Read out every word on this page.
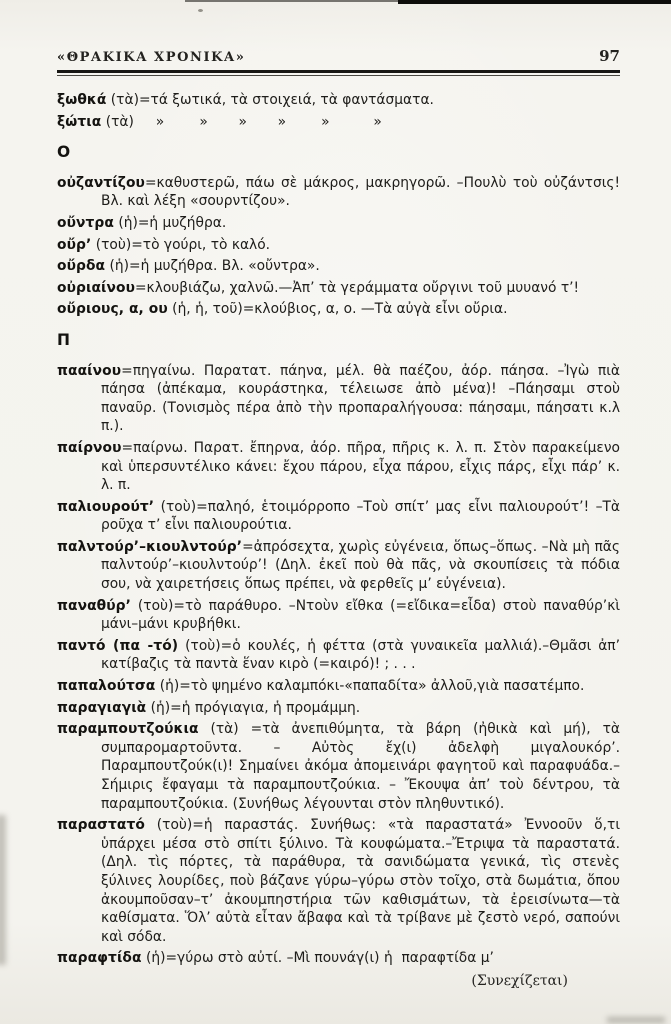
«ΘΡΑΚΙΚΑ ΧΡΟΝΙΚΑ»	97

ξωθκά (τὰ)=τά ξωτικά, τὰ στοιχειά, τὰ φαντάσματα.

ξώτια (τὰ)     »        »       »       »        »          »

Ο

οὐζαντίζου=καθυστερῶ, πάω σὲ μάκρος, μακρηγορῶ. –Πουλὺ τοὺ οὐζάντσις! Βλ. καὶ λέξη «σουρντίζου».

οὔντρα (ἡ)=ἡ μυζήθρα.

οὔρ’ (τοὺ)=τὸ γούρι, τὸ καλό.

οὔρδα (ἡ)=ἡ μυζήθρα. Βλ. «οὔντρα».

οὐριαίνου=κλουβιάζω, χαλνῶ.—Ἀπ’ τὰ γεράμματα οὔργινι τοῦ μυυανό τ’!

οὔριους, α, ου (ἡ, ἡ, τοῦ)=κλούβιος, α, ο. —Τὰ αὐγὰ εἶνι οὔρια.

Π

πααίνου=πηγαίνω. Παρατατ. πάηνα, μέλ. θὰ παέζου, ἀόρ. πάησα. –Ἰγὼ πιὰ πάησα (ἀπέκαμα, κουράστηκα, τέλειωσε ἀπὸ μένα)! –Πάησαμι στοὺ παναῦρ. (Τονισμὸς πέρα ἀπὸ τὴν προπαραλήγουσα: πάησαμι, πάησατι κ.λ π.).

παίρνου=παίρνω. Παρατ. ἔπηρνα, ἀόρ. πῆρα, πῆρις κ. λ. π. Στὸν παρακείμενο καὶ ὑπερσυντέλικο κάνει: ἔχου πάρου, εἶχα πάρου, εἶχις πάρς, εἶχι πάρ’ κ. λ. π.

παλιουρούτ’ (τοὺ)=παληό, ἑτοιμόρροπο –Τοὺ σπίτ’ μας εἶνι παλιουρούτ’! –Τὰ ροῦχα τ’ εἶνι παλιουρούτια.

παλντούρ’–κιουλντούρ’=ἀπρόσεχτα, χωρὶς εὐγένεια, ὅπως–ὅπως. –Νὰ μὴ πᾶς παλντούρ’–κιουλντούρ’! (Δηλ. ἐκεῖ ποὺ θὰ πᾶς, νὰ σκουπίσεις τὰ πόδια σου, νὰ χαιρετήσεις ὅπως πρέπει, νὰ φερθεῖς μ’ εὐγένεια).

παναθύρ’ (τοὺ)=τὸ παράθυρο. –Ντοὺν εἴθκα (=εἴδικα=εἶδα) στοὺ παναθύρ’κὶ μάνι–μάνι κρυβήθκι.

παντό (πα -τό) (τοὺ)=ὁ κουλές, ἡ φέττα (στὰ γυναικεῖα μαλλιά).–Θμᾶσι ἀπ’ κατίβαζις τὰ παντὰ ἕναν κιρὸ (=καιρό)! ; . . .

παπαλούτσα (ἡ)=τὸ ψημένο καλαμπόκι-«παπαδίτα» ἀλλοῦ,γιὰ πασατέμπο.

παραγιαγιὰ (ἡ)=ἡ πρόγιαγια, ἡ προμάμμη.

παραμπουτζούκια (τὰ) =τὰ ἀνεπιθύμητα, τὰ βάρη (ἠθικὰ καὶ μή), τὰ συμπαρομαρτοῦντα. – Αὐτὸς ἔχ(ι) ἀδελφὴ μιγαλουκόρ’. Παραμπουτζούκ(ι)! Σημαίνει ἀκόμα ἀπομεινάρι φαγητοῦ καὶ παραφυάδα.– Σήμιρις ἔφαγαμι τὰ παραμπουτζούκια. – Ἔκουψα ἀπ’ τοὺ δέντρου, τὰ παραμπουτζούκια. (Συνήθως λέγουνται στὸν πληθυντικό).

παραστατό (τοὺ)=ἡ παραστάς. Συνήθως: «τὰ παραστατά» Ἐννοοῦν ὅ,τι ὑπάρχει μέσα στὸ σπίτι ξύλινο. Τὰ κουφώματα.–Ἔτριψα τὰ παραστατά. (Δηλ. τὶς πόρτες, τὰ παράθυρα, τὰ σανιδώματα γενικά, τὶς στενὲς ξύλινες λουρίδες, ποὺ βάζανε γύρω–γύρω στὸν τοῖχο, στὰ δωμάτια, ὅπου ἀκουμποῦσαν–τ’ ἀκουμπηστήρια τῶν καθισμάτων, τὰ ἐρεισίνωτα—τὰ καθίσματα. Ὅλ’ αὐτὰ εἶταν ἄβαφα καὶ τὰ τρίβανε μὲ ζεστὸ νερό, σαπούνι καὶ σόδα.

παραφτίδα (ἡ)=γύρω στὸ αὐτί. –Μὶ πουνάγ(ι) ἡ  παραφτίδα μ’

(Συνεχίζεται)
